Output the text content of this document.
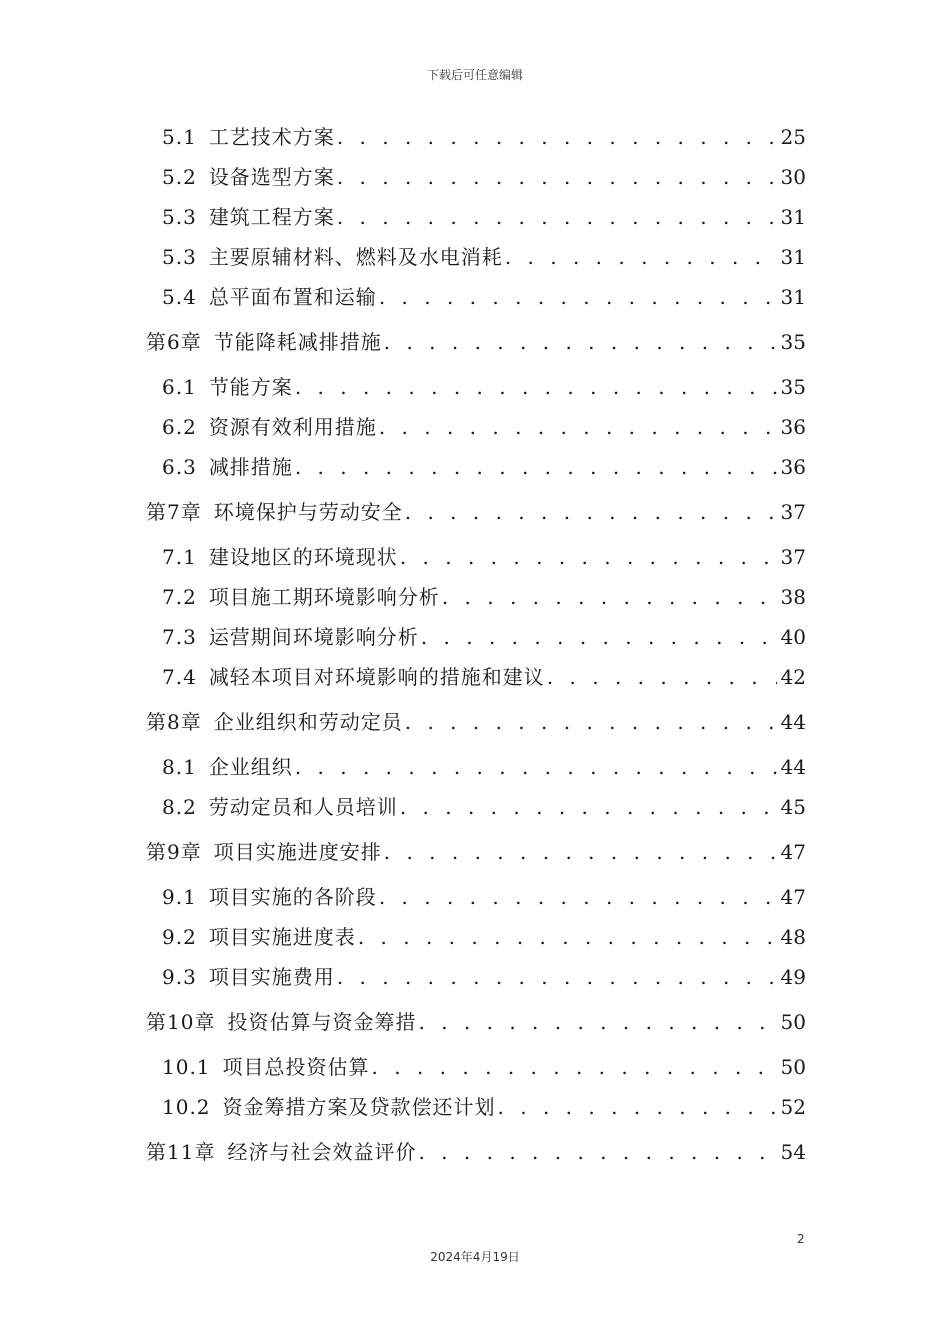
下载后可任意编辑
5.1 工艺技术方案 . . .	25
5.2 设备选型方案 . . .	30
5.3 建筑工程方案 . . .	31
5.3 主要原辅材料、燃料及水电消耗 . . .	31
5.4 总平面布置和运输 . . .	31
第6章 节能降耗减排措施 . . .	35
6.1 节能方案 . . .	35
6.2 资源有效利用措施 . . .	36
6.3 减排措施 . . .	36
第7章 环境保护与劳动安全 . . .	37
7.1 建设地区的环境现状 . . .	37
7.2 项目施工期环境影响分析 . . .	38
7.3 运营期间环境影响分析 . . .	40
7.4 减轻本项目对环境影响的措施和建议 . . .	42
第8章 企业组织和劳动定员 . . .	44
8.1 企业组织 . . .	44
8.2 劳动定员和人员培训 . . .	45
第9章 项目实施进度安排 . . .	47
9.1 项目实施的各阶段 . . .	47
9.2 项目实施进度表 . . .	48
9.3 项目实施费用 . . .	49
第10章 投资估算与资金筹措 . . .	50
10.1 项目总投资估算 . . .	50
10.2 资金筹措方案及贷款偿还计划 . . .	52
第11章 经济与社会效益评价 . . .	54
2
2024年4月19日
